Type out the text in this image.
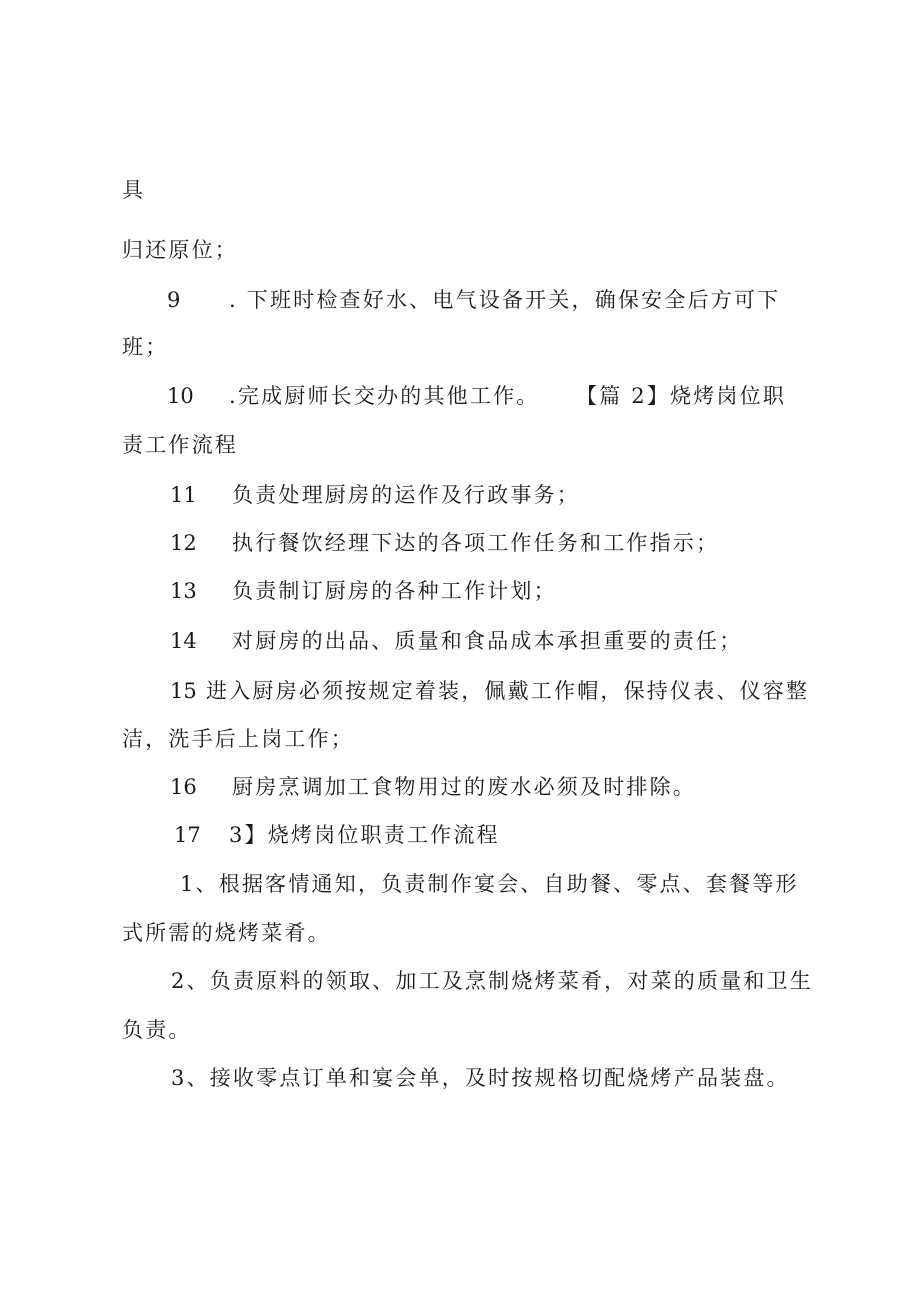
具
归还原位；
9 . 下班时检查好水、电气设备开关，确保安全后方可下
班；
10 .完成厨师长交办的其他工作。 【篇 2】烧烤岗位职
责工作流程
11 负责处理厨房的运作及行政事务；
12 执行餐饮经理下达的各项工作任务和工作指示；
13 负责制订厨房的各种工作计划；
14 对厨房的出品、质量和食品成本承担重要的责任；
15 进入厨房必须按规定着装，佩戴工作帽，保持仪表、仪容整
洁，洗手后上岗工作；
16 厨房烹调加工食物用过的废水必须及时排除。
17 3】烧烤岗位职责工作流程
1、根据客情通知，负责制作宴会、自助餐、零点、套餐等形
式所需的烧烤菜肴。
2、负责原料的领取、加工及烹制烧烤菜肴，对菜的质量和卫生
负责。
3、接收零点订单和宴会单，及时按规格切配烧烤产品装盘。
